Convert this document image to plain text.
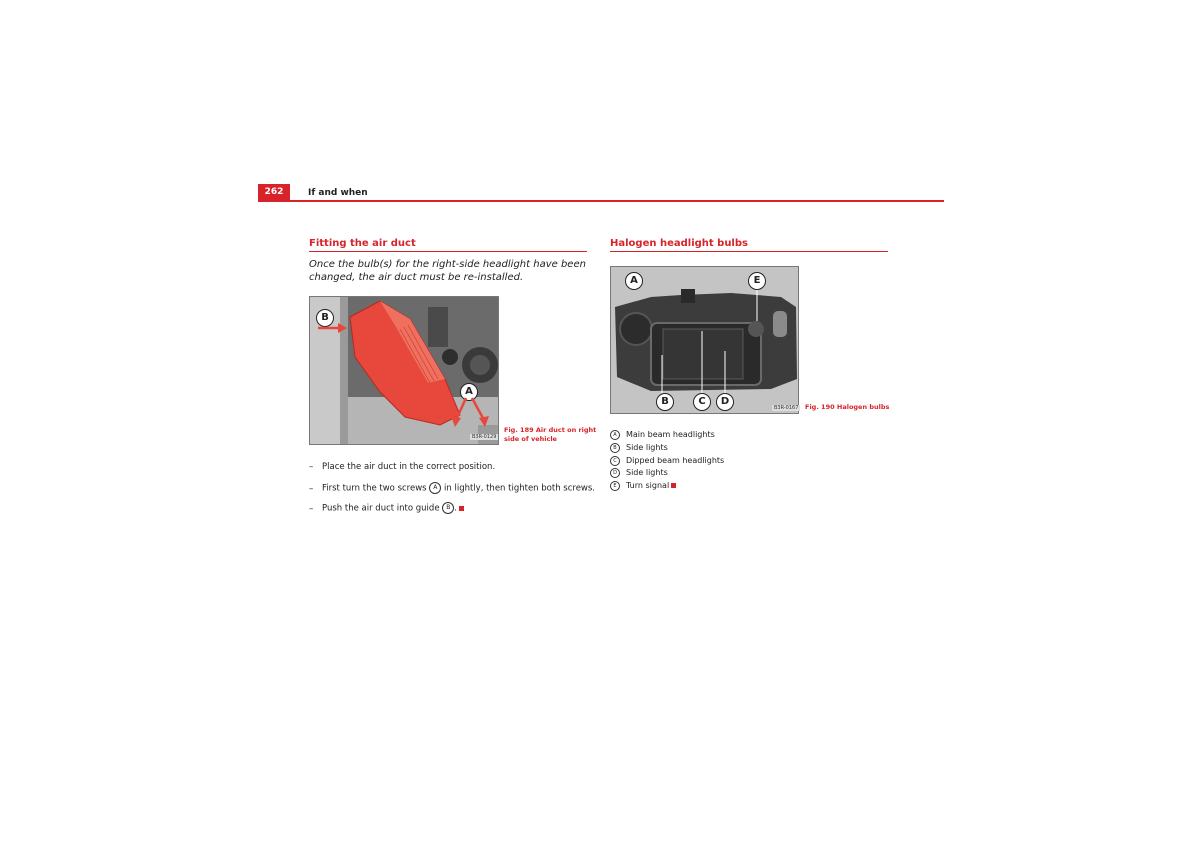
262	If and when
Fitting the air duct
Once the bulb(s) for the right-side headlight have been changed, the air duct must be re-installed.
B
A
B3R-0129
Fig. 189 Air duct on right
side of vehicle
– Place the air duct in the correct position.
– First turn the two screws A in lightly, then tighten both screws.
– Push the air duct into guide B .
Halogen headlight bulbs
A	E
B	C	D
B3R-0167	Fig. 190 Halogen bulbs
A Main beam headlights
B Side lights
C Dipped beam headlights
D Side lights
E Turn signal
